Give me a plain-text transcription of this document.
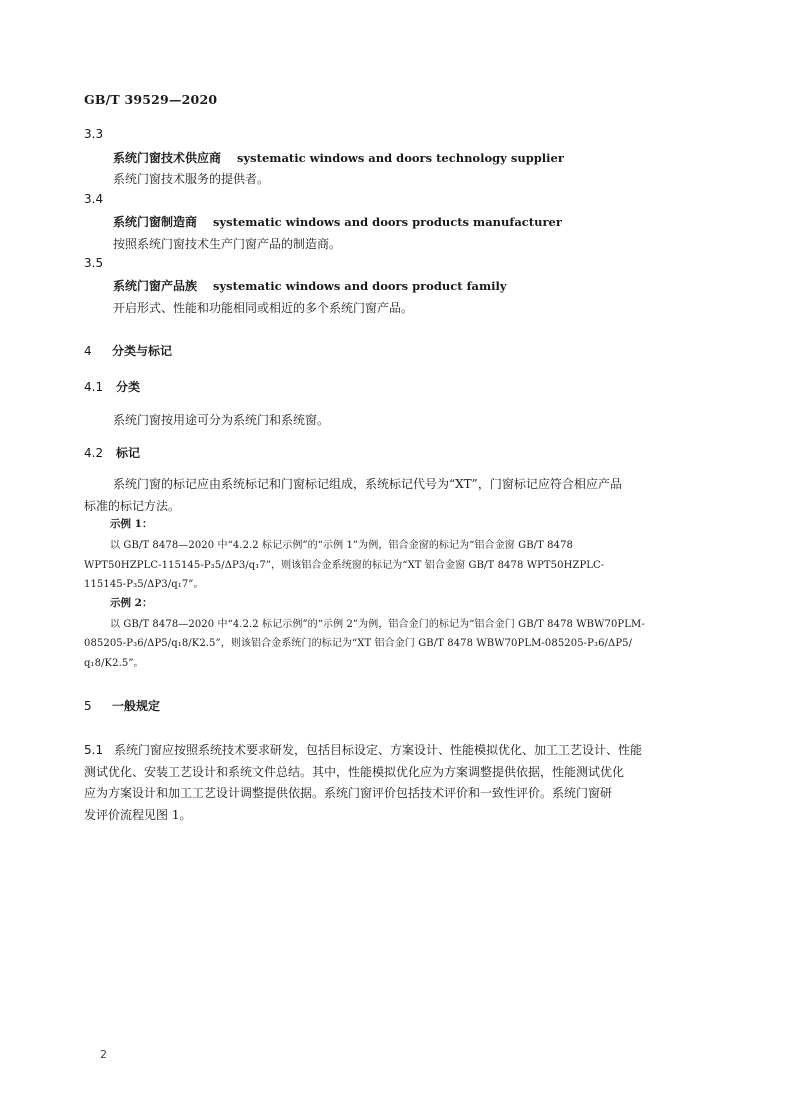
GB/T 39529—2020
3.3
系统门窗技术供应商 systematic windows and doors technology supplier
系统门窗技术服务的提供者。
3.4
系统门窗制造商 systematic windows and doors products manufacturer
按照系统门窗技术生产门窗产品的制造商。
3.5
系统门窗产品族 systematic windows and doors product family
开启形式、性能和功能相同或相近的多个系统门窗产品。
4 分类与标记
4.1 分类
系统门窗按用途可分为系统门和系统窗。
4.2 标记
系统门窗的标记应由系统标记和门窗标记组成，系统标记代号为“XT”，门窗标记应符合相应产品
标准的标记方法。
示例 1：
以 GB/T 8478—2020 中“4.2.2 标记示例”的“示例 1”为例，铝合金窗的标记为“铝合金窗 GB/T 8478
WPT50HZPLC-115145-P₃5/ΔP3/q₁7”，则该铝合金系统窗的标记为“XT 铝合金窗 GB/T 8478 WPT50HZPLC-
115145-P₃5/ΔP3/q₁7”。
示例 2：
以 GB/T 8478—2020 中“4.2.2 标记示例”的“示例 2”为例，铝合金门的标记为“铝合金门 GB/T 8478 WBW70PLM-
085205-P₃6/ΔP5/q₁8/K2.5”，则该铝合金系统门的标记为“XT 铝合金门 GB/T 8478 WBW70PLM-085205-P₃6/ΔP5/
q₁8/K2.5”。
5 一般规定
5.1 系统门窗应按照系统技术要求研发，包括目标设定、方案设计、性能模拟优化、加工工艺设计、性能
测试优化、安装工艺设计和系统文件总结。其中，性能模拟优化应为方案调整提供依据，性能测试优化
应为方案设计和加工工艺设计调整提供依据。系统门窗评价包括技术评价和一致性评价。系统门窗研
发评价流程见图 1。
2
